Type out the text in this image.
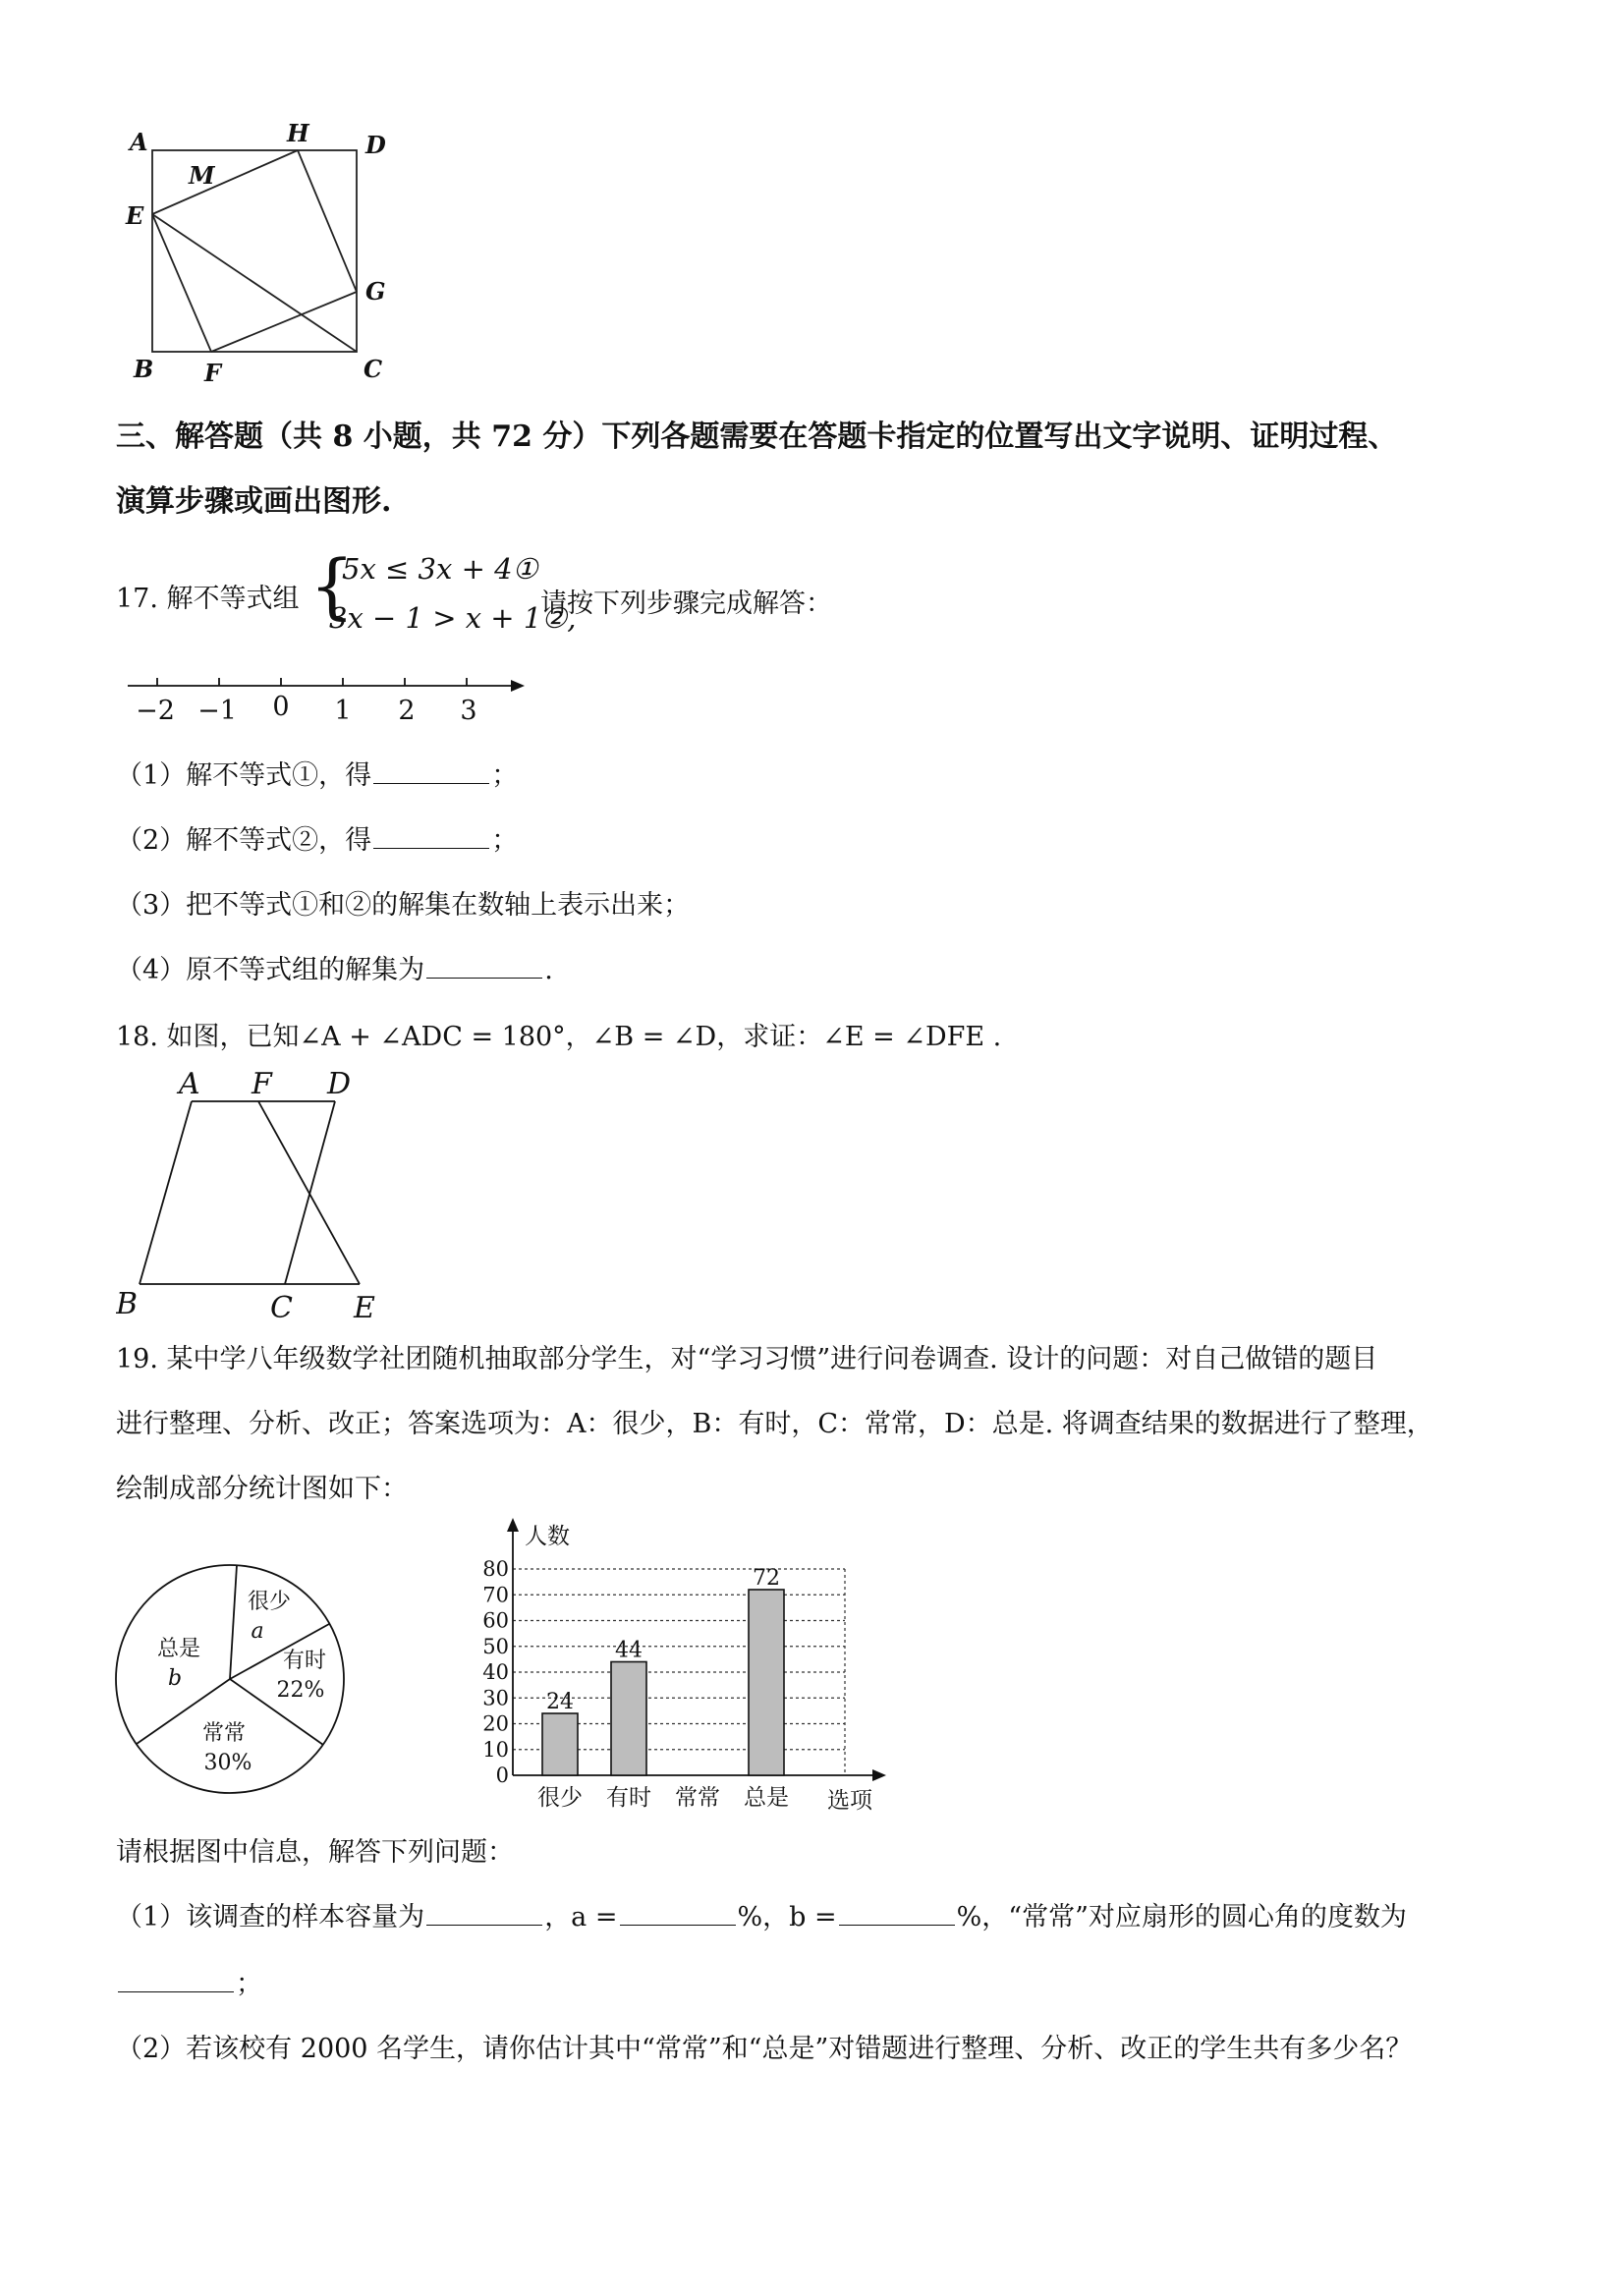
A	H D
M
E
G
B F	C
三、解答题（共 8 小题，共 72 分）下列各题需要在答题卡指定的位置写出文字说明、证明过程、
演算步骤或画出图形.
17. 解不等式组 {
5x ≤ 3x + 4①
3x − 1 > x + 1②,
请按下列步骤完成解答：
−2 −1 0 1 2 3
（1）解不等式①，得	；
（2）解不等式②，得	；
（3）把不等式①和②的解集在数轴上表示出来；
（4）原不等式组的解集为	.
18. 如图，已知∠A + ∠ADC = 180°，∠B = ∠D，求证：∠E = ∠DFE .
A F D
B	C E
19. 某中学八年级数学社团随机抽取部分学生，对“学习习惯”进行问卷调查. 设计的问题：对自己做错的题目
进行整理、分析、改正；答案选项为：A：很少，B：有时，C：常常，D：总是. 将调查结果的数据进行了整理，
绘制成部分统计图如下：
很少
a
有时
22%
常常
30%
总是
b
0
10
20
30
40
50
60
70
80
人数
选项
24
很少
44
有时 常常
72
总是
请根据图中信息，解答下列问题：
（1）该调查的样本容量为	，a =	%，b =	%，“常常”对应扇形的圆心角的度数为
；
（2）若该校有 2000 名学生，请你估计其中“常常”和“总是”对错题进行整理、分析、改正的学生共有多少名？
